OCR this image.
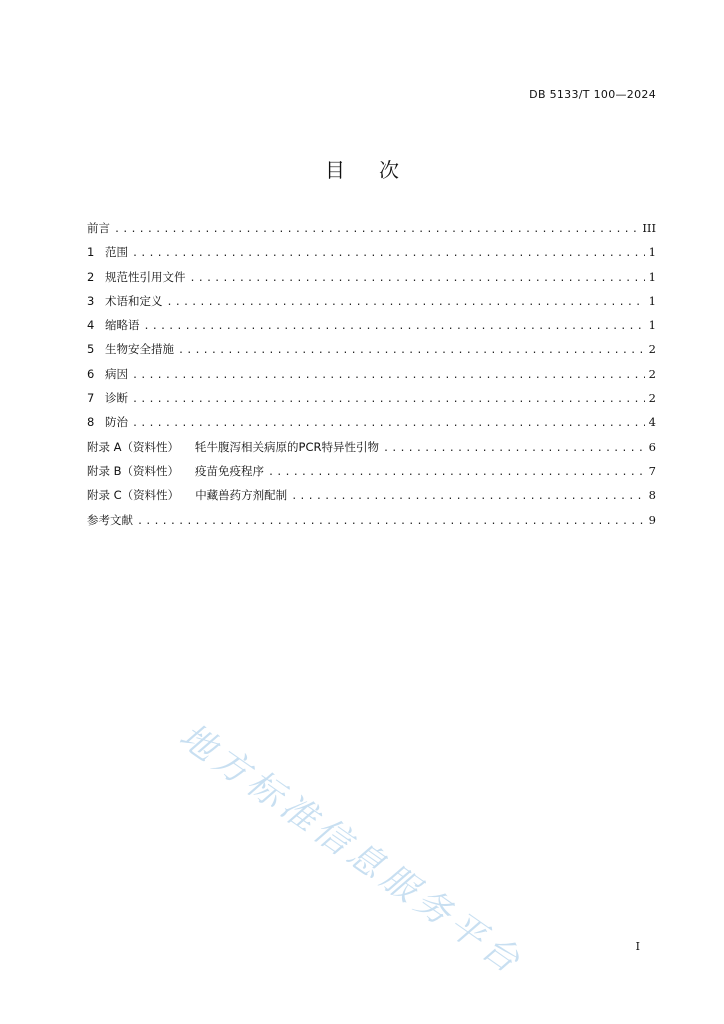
DB 5133/T 100—2024
目 次
前言 .....	III
1 范围 .....	1
2 规范性引用文件 .....	1
3 术语和定义 .....	1
4 缩略语 .....	1
5 生物安全措施 .....	2
6 病因 .....	2
7 诊断 .....	2
8 防治 .....	4
附录 A（资料性） 牦牛腹泻相关病原的PCR特异性引物 .....	6
附录 B（资料性） 疫苗免疫程序 .....	7
附录 C（资料性） 中藏兽药方剂配制 .....	8
参考文献 .....	9
地方标准信息服务平台	I
